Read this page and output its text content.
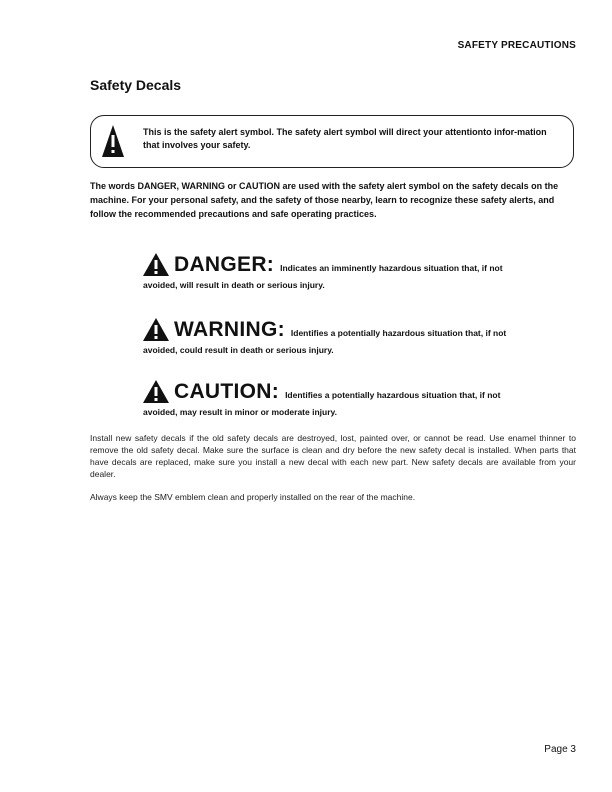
SAFETY PRECAUTIONS
Safety Decals
This is the safety alert symbol. The safety alert symbol will direct your attentionto infor-mation that involves your safety.
The words DANGER, WARNING or CAUTION are used with the safety alert symbol on the safety decals on the machine. For your personal safety, and the safety of those nearby, learn to recognize these safety alerts, and follow the recommended precautions and safe operating practices.
DANGER: Indicates an imminently hazardous situation that, if not
avoided, will result in death or serious injury.
WARNING: Identifies a potentially hazardous situation that, if not
avoided, could result in death or serious injury.
CAUTION: Identifies a potentially hazardous situation that, if not
avoided, may result in minor or moderate injury.
Install new safety decals if the old safety decals are destroyed, lost, painted over, or cannot be read. Use enamel thinner to remove the old safety decal. Make sure the surface is clean and dry before the new safety decal is installed. When parts that have decals are replaced, make sure you install a new decal with each new part. New safety decals are available from your dealer.
Always keep the SMV emblem clean and properly installed on the rear of the machine.
Page 3
